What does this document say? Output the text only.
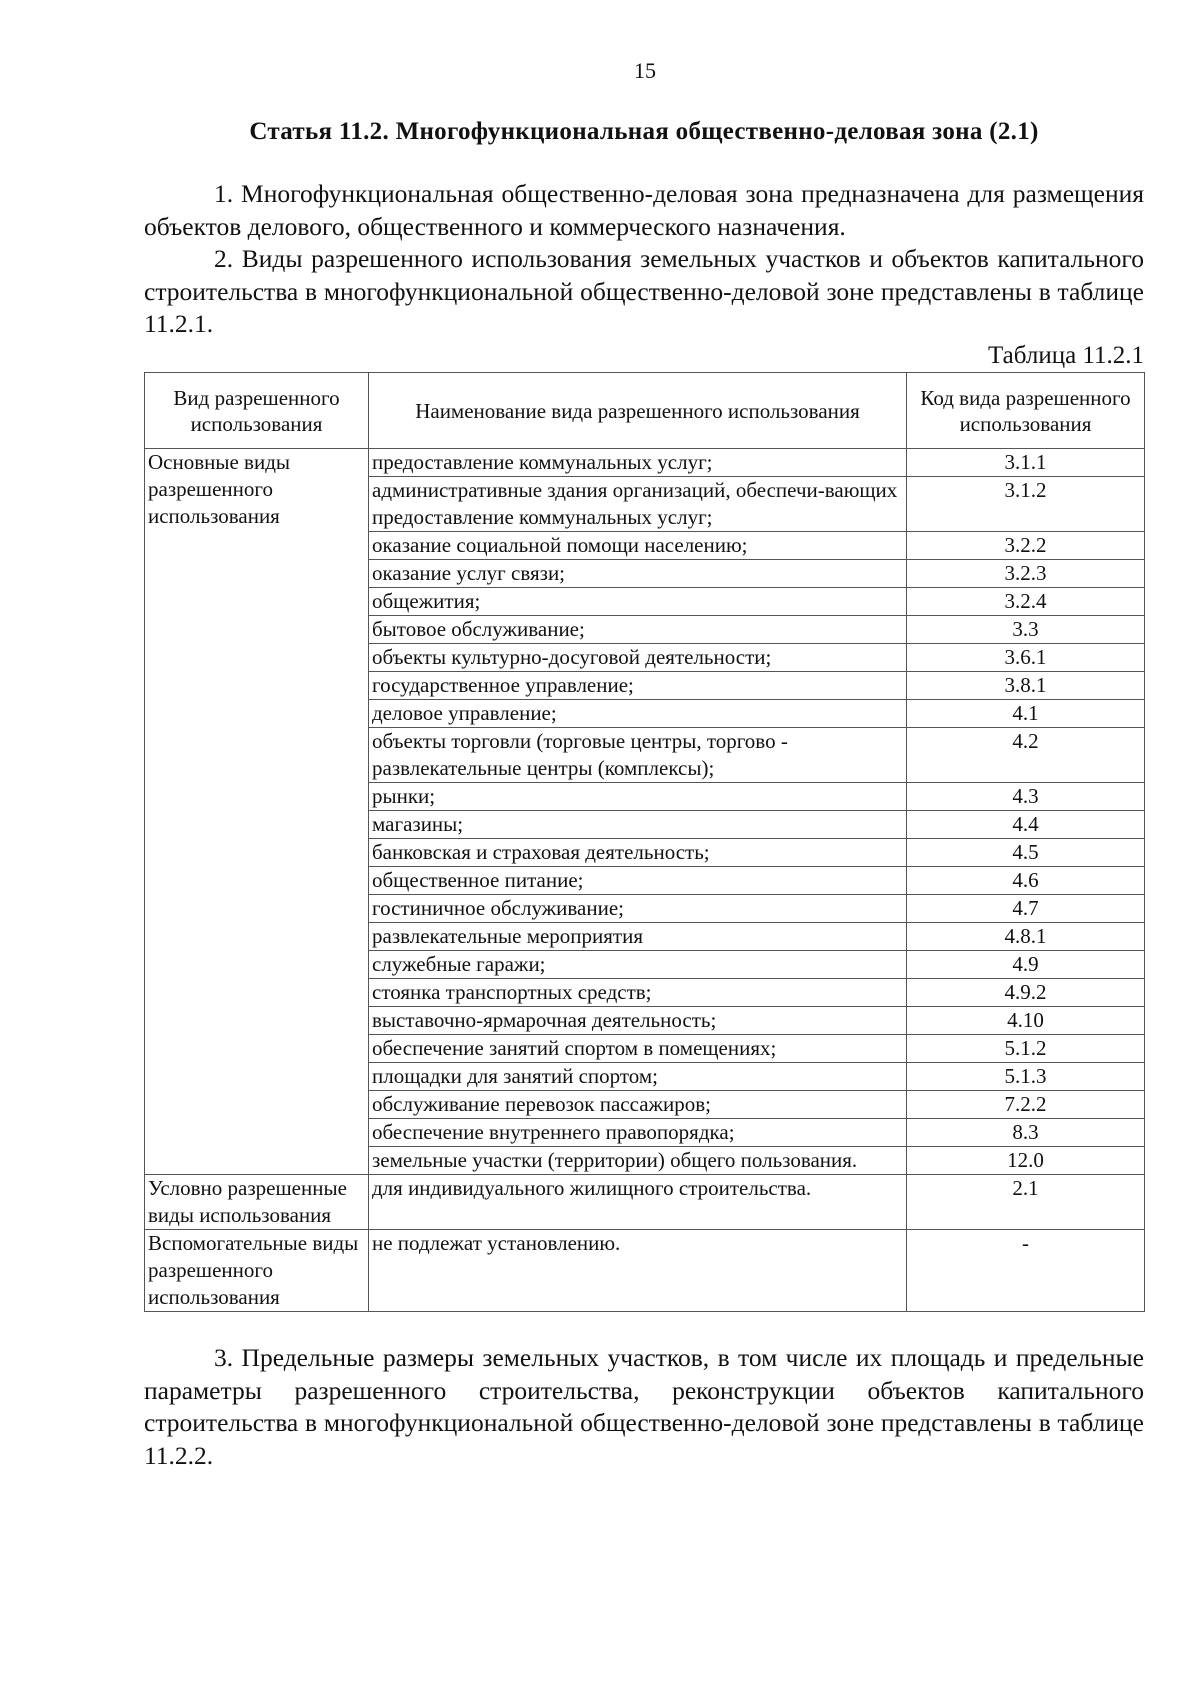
15
Статья 11.2. Многофункциональная общественно-деловая зона (2.1)

1. Многофункциональная общественно-деловая зона предназначена для размещения объектов делового, общественного и коммерческого назначения.

2. Виды разрешенного использования земельных участков и объектов капитального строительства в многофункциональной общественно-деловой зоне представлены в таблице 11.2.1.

Таблица 11.2.1
Вид разрешенного использования	Наименование вида разрешенного использования	Код вида разрешенного использования
Основные виды разрешенного использования	предоставление коммунальных услуг;	3.1.1
	административные здания организаций, обеспечи-вающих предоставление коммунальных услуг;	3.1.2
	оказание социальной помощи населению;	3.2.2
	оказание услуг связи;	3.2.3
	общежития;	3.2.4
	бытовое обслуживание;	3.3
	объекты культурно-досуговой деятельности;	3.6.1
	государственное управление;	3.8.1
	деловое управление;	4.1
	объекты торговли (торговые центры, торгово - развлекательные центры (комплексы);	4.2
	рынки;	4.3
	магазины;	4.4
	банковская и страховая деятельность;	4.5
	общественное питание;	4.6
	гостиничное обслуживание;	4.7
	развлекательные мероприятия	4.8.1
	служебные гаражи;	4.9
	стоянка транспортных средств;	4.9.2
	выставочно-ярмарочная деятельность;	4.10
	обеспечение занятий спортом в помещениях;	5.1.2
	площадки для занятий спортом;	5.1.3
	обслуживание перевозок пассажиров;	7.2.2
	обеспечение внутреннего правопорядка;	8.3
	земельные участки (территории) общего пользования.	12.0
Условно разрешенные виды использования	для индивидуального жилищного строительства.	2.1
Вспомогательные виды разрешенного использования	не подлежат установлению.	-

3. Предельные размеры земельных участков, в том числе их площадь и предельные параметры разрешенного строительства, реконструкции объектов капитального строительства в многофункциональной общественно-деловой зоне представлены в таблице 11.2.2.
